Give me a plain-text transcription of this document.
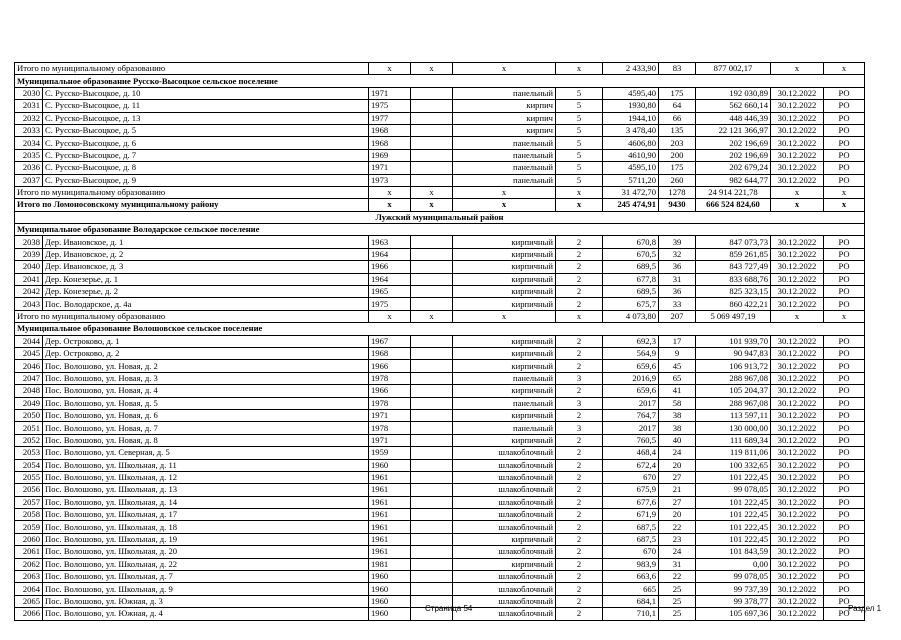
Итого по муниципальному образованию		x	x	x	x	2 433,90	83	877 002,17	x	x
Муниципальное образование Русско-Высоцкое сельское поселение										
2030	С. Русско-Высоцкое, д. 10	1971		панельный	5	4595,40	175	192 030,89	30.12.2022	РО
2031	С. Русско-Высоцкое, д. 11	1975		кирпич	5	1930,80	64	562 660,14	30.12.2022	РО
2032	С. Русско-Высоцкое, д. 13	1977		кирпич	5	1944,10	66	448 446,39	30.12.2022	РО
2033	С. Русско-Высоцкое, д. 5	1968		кирпич	5	3 478,40	135	22 121 366,97	30.12.2022	РО
2034	С. Русско-Высоцкое, д. 6	1968		панельный	5	4606,80	203	202 196,69	30.12.2022	РО
2035	С. Русско-Высоцкое, д. 7	1969		панельный	5	4610,90	200	202 196,69	30.12.2022	РО
2036	С. Русско-Высоцкое, д. 8	1971		панельный	5	4595,10	175	202 679,24	30.12.2022	РО
2037	С. Русско-Высоцкое, д. 9	1973		панельный	5	5711,20	260	982 644,77	30.12.2022	РО
Итого по муниципальному образованию		x	x	x	x	31 472,70	1278	24 914 221,78	x	x
Итого по Ломоносовскому муниципальному району		x	x	x	x	245 474,91	9430	666 524 824,60	x	x
Лужский муниципальный район										
Муниципальное образование Володарское сельское поселение										
2038	Дер. Ивановское, д. 1	1963		кирпичный	2	670,8	39	847 073,73	30.12.2022	РО
2039	Дер. Ивановское, д. 2	1964		кирпичный	2	670,5	32	859 261,85	30.12.2022	РО
2040	Дер. Ивановское, д. 3	1966		кирпичный	2	689,5	36	843 727,49	30.12.2022	РО
2041	Дер. Конезерье, д. 1	1964		кирпичный	2	677,8	31	833 688,76	30.12.2022	РО
2042	Дер. Конезерье, д. 2	1965		кирпичный	2	689,5	36	825 323,15	30.12.2022	РО
2043	Пос. Володарское, д. 4а	1975		кирпичный	2	675,7	33	860 422,21	30.12.2022	РО
Итого по муниципальному образованию		x	x	x	x	4 073,80	207	5 069 497,19	x	x
Муниципальное образование Волошовское сельское поселение										
2044	Дер. Остроково, д. 1	1967		кирпичный	2	692,3	17	101 939,70	30.12.2022	РО
2045	Дер. Остроково, д. 2	1968		кирпичный	2	564,9	9	90 947,83	30.12.2022	РО
2046	Пос. Волошово, ул. Новая, д. 2	1966		кирпичный	2	659,6	45	106 913,72	30.12.2022	РО
2047	Пос. Волошово, ул. Новая, д. 3	1978		панельный	3	2016,9	65	288 967,08	30.12.2022	РО
2048	Пос. Волошово, ул. Новая, д. 4	1966		кирпичный	2	659,6	41	105 204,37	30.12.2022	РО
2049	Пос. Волошово, ул. Новая, д. 5	1978		панельный	3	2017	58	288 967,08	30.12.2022	РО
2050	Пос. Волошово, ул. Новая, д. 6	1971		кирпичный	2	764,7	38	113 597,11	30.12.2022	РО
2051	Пос. Волошово, ул. Новая, д. 7	1978		панельный	3	2017	38	130 000,00	30.12.2022	РО
2052	Пос. Волошово, ул. Новая, д. 8	1971		кирпичный	2	760,5	40	111 689,34	30.12.2022	РО
2053	Пос. Волошово, ул. Северная, д. 5	1959		шлакоблочный	2	468,4	24	119 811,06	30.12.2022	РО
2054	Пос. Волошово, ул. Школьная, д. 11	1960		шлакоблочный	2	672,4	20	100 332,65	30.12.2022	РО
2055	Пос. Волошово, ул. Школьная, д. 12	1961		шлакоблочный	2	670	27	101 222,45	30.12.2022	РО
2056	Пос. Волошово, ул. Школьная, д. 13	1961		шлакоблочный	2	675,9	21	99 078,05	30.12.2022	РО
2057	Пос. Волошово, ул. Школьная, д. 14	1961		шлакоблочный	2	677,6	27	101 222,45	30.12.2022	РО
2058	Пос. Волошово, ул. Школьная, д. 17	1961		шлакоблочный	2	671,9	20	101 222,45	30.12.2022	РО
2059	Пос. Волошово, ул. Школьная, д. 18	1961		шлакоблочный	2	687,5	22	101 222,45	30.12.2022	РО
2060	Пос. Волошово, ул. Школьная, д. 19	1961		кирпичный	2	687,5	23	101 222,45	30.12.2022	РО
2061	Пос. Волошово, ул. Школьная, д. 20	1961		шлакоблочный	2	670	24	101 843,59	30.12.2022	РО
2062	Пос. Волошово, ул. Школьная, д. 22	1981		кирпичный	2	983,9	31	0,00	30.12.2022	РО
2063	Пос. Волошово, ул. Школьная, д. 7	1960		шлакоблочный	2	663,6	22	99 078,05	30.12.2022	РО
2064	Пос. Волошово, ул. Школьная, д. 9	1960		шлакоблочный	2	665	25	99 737,39	30.12.2022	РО
2065	Пос. Волошово, ул. Южная, д. 3	1960		шлакоблочный	2	684,1	25	99 378,77	30.12.2022	РО
2066	Пос. Волошово, ул. Южная, д. 4	1960		шлакоблочный	2	710,1	25	105 697,36	30.12.2022	РО
Страница 54	Раздел 1
